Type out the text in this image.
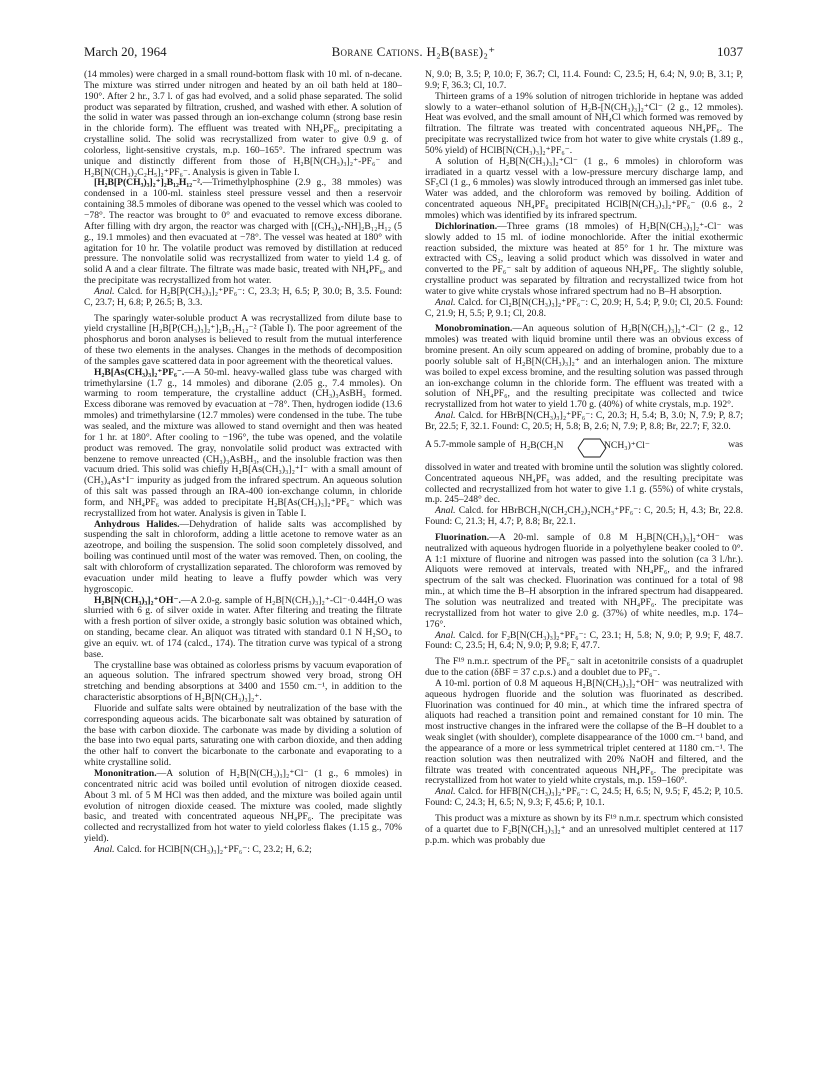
March 20, 1964	Borane Cations. H₂B(base)₂⁺	1037

(14 mmoles) were charged in a small round-bottom flask with 10 ml. of n-decane. The mixture was stirred under nitrogen and heated by an oil bath held at 180–190°. After 2 hr., 3.7 l. of gas had evolved, and a solid phase separated. The solid product was separated by filtration, crushed, and washed with ether. A solution of the solid in water was passed through an ion-exchange column (strong base resin in the chloride form). The effluent was treated with NH₄PF₆, precipitating a crystalline solid. The solid was recrystallized from water to give 0.9 g. of colorless, light-sensitive crystals, m.p. 160–165°. The infrared spectrum was unique and distinctly different from those of H₂B[N(CH₃)₃]₂⁺-PF₆⁻ and H₂B[N(CH₃)₂C₂H₅]₂⁺PF₆⁻. Analysis is given in Table I.

[H₂B[P(CH₃)₃]₂⁺]₂B₁₂H₁₂⁻².—Trimethylphosphine (2.9 g., 38 mmoles) was condensed in a 100-ml. stainless steel pressure vessel and then a reservoir containing 38.5 mmoles of diborane was opened to the vessel which was cooled to −78°. The reactor was brought to 0° and evacuated to remove excess diborane. After filling with dry argon, the reactor was charged with [(CH₃)₄-NH]₂B₁₂H₁₂ (5 g., 19.1 mmoles) and then evacuated at −78°. The vessel was heated at 180° with agitation for 10 hr. The volatile product was removed by distillation at reduced pressure. The nonvolatile solid was recrystallized from water to yield 1.4 g. of solid A and a clear filtrate. The filtrate was made basic, treated with NH₄PF₆, and the precipitate was recrystallized from hot water.

Anal. Calcd. for H₂B[P(CH₃)₃]₂⁺PF₆⁻: C, 23.3; H, 6.5; P, 30.0; B, 3.5. Found: C, 23.7; H, 6.8; P, 26.5; B, 3.3.

The sparingly water-soluble product A was recrystallized from dilute base to yield crystalline [H₂B[P(CH₃)₃]₂⁺]₂B₁₂H₁₂⁻² (Table I). The poor agreement of the phosphorus and boron analyses is believed to result from the mutual interference of these two elements in the analyses. Changes in the methods of decomposition of the samples gave scattered data in poor agreement with the theoretical values.

H₂B[As(CH₃)₃]₂⁺PF₆⁻.—A 50-ml. heavy-walled glass tube was charged with trimethylarsine (1.7 g., 14 mmoles) and diborane (2.05 g., 7.4 mmoles). On warming to room temperature, the crystalline adduct (CH₃)₃AsBH₃ formed. Excess diborane was removed by evacuation at −78°. Then, hydrogen iodide (13.6 mmoles) and trimethylarsine (12.7 mmoles) were condensed in the tube. The tube was sealed, and the mixture was allowed to stand overnight and then was heated for 1 hr. at 180°. After cooling to −196°, the tube was opened, and the volatile product was removed. The gray, nonvolatile solid product was extracted with benzene to remove unreacted (CH₃)₃AsBH₃, and the insoluble fraction was then vacuum dried. This solid was chiefly H₂B[As(CH₃)₃]₂⁺I⁻ with a small amount of (CH₃)₄As⁺I⁻ impurity as judged from the infrared spectrum. An aqueous solution of this salt was passed through an IRA-400 ion-exchange column, in chloride form, and NH₄PF₆ was added to precipitate H₂B[As(CH₃)₃]₂⁺PF₆⁻ which was recrystallized from hot water. Analysis is given in Table I.

Anhydrous Halides.—Dehydration of halide salts was accomplished by suspending the salt in chloroform, adding a little acetone to remove water as an azeotrope, and boiling the suspension. The solid soon completely dissolved, and boiling was continued until most of the water was removed. Then, on cooling, the salt with chloroform of crystallization separated. The chloroform was removed by evacuation under mild heating to leave a fluffy powder which was very hygroscopic.

H₂B[N(CH₃)₃]₂⁺OH⁻.—A 2.0-g. sample of H₂B[N(CH₃)₃]₂⁺-Cl⁻·0.44H₂O was slurried with 6 g. of silver oxide in water. After filtering and treating the filtrate with a fresh portion of silver oxide, a strongly basic solution was obtained which, on standing, became clear. An aliquot was titrated with standard 0.1 N H₂SO₄ to give an equiv. wt. of 174 (calcd., 174). The titration curve was typical of a strong base.

The crystalline base was obtained as colorless prisms by vacuum evaporation of an aqueous solution. The infrared spectrum showed very broad, strong OH stretching and bending absorptions at 3400 and 1550 cm.⁻¹, in addition to the characteristic absorptions of H₂B[N(CH₃)₃]₂⁺.

Fluoride and sulfate salts were obtained by neutralization of the base with the corresponding aqueous acids. The bicarbonate salt was obtained by saturation of the base with carbon dioxide. The carbonate was made by dividing a solution of the base into two equal parts, saturating one with carbon dioxide, and then adding the other half to convert the bicarbonate to the carbonate and evaporating to a white crystalline solid.

Mononitration.—A solution of H₂B[N(CH₃)₃]₂⁺Cl⁻ (1 g., 6 mmoles) in concentrated nitric acid was boiled until evolution of nitrogen dioxide ceased. About 3 ml. of 5 M HCl was then added, and the mixture was boiled again until evolution of nitrogen dioxide ceased. The mixture was cooled, made slightly basic, and treated with concentrated aqueous NH₄PF₆. The precipitate was collected and recrystallized from hot water to yield colorless flakes (1.15 g., 70% yield).

Anal. Calcd. for HClB[N(CH₃)₃]₂⁺PF₆⁻: C, 23.2; H, 6.2;

N, 9.0; B, 3.5; P, 10.0; F, 36.7; Cl, 11.4. Found: C, 23.5; H, 6.4; N, 9.0; B, 3.1; P, 9.9; F, 36.3; Cl, 10.7.

Thirteen grams of a 19% solution of nitrogen trichloride in heptane was added slowly to a water–ethanol solution of H₂B-[N(CH₃)₃]₂⁺Cl⁻ (2 g., 12 mmoles). Heat was evolved, and the small amount of NH₄Cl which formed was removed by filtration. The filtrate was treated with concentrated aqueous NH₄PF₆. The precipitate was recrystallized twice from hot water to give white crystals (1.89 g., 50% yield) of HClB[N(CH₃)₃]₂⁺PF₆⁻.

A solution of H₂B[N(CH₃)₃]₂⁺Cl⁻ (1 g., 6 mmoles) in chloroform was irradiated in a quartz vessel with a low-pressure mercury discharge lamp, and SF₅Cl (1 g., 6 mmoles) was slowly introduced through an immersed gas inlet tube. Water was added, and the chloroform was removed by boiling. Addition of concentrated aqueous NH₄PF₆ precipitated HClB[N(CH₃)₃]₂⁺PF₆⁻ (0.6 g., 2 mmoles) which was identified by its infrared spectrum.

Dichlorination.—Three grams (18 mmoles) of H₂B[N(CH₃)₃]₂⁺-Cl⁻ was slowly added to 15 ml. of iodine monochloride. After the initial exothermic reaction subsided, the mixture was heated at 85° for 1 hr. The mixture was extracted with CS₂, leaving a solid product which was dissolved in water and converted to the PF₆⁻ salt by addition of aqueous NH₄PF₆. The slightly soluble, crystalline product was separated by filtration and recrystallized twice from hot water to give white crystals whose infrared spectrum had no B–H absorption.

Anal. Calcd. for Cl₂B[N(CH₃)₃]₂⁺PF₆⁻: C, 20.9; H, 5.4; P, 9.0; Cl, 20.5. Found: C, 21.9; H, 5.5; P, 9.1; Cl, 20.8.

Monobromination.—An aqueous solution of H₂B[N(CH₃)₃]₂⁺-Cl⁻ (2 g., 12 mmoles) was treated with liquid bromine until there was an obvious excess of bromine present. An oily scum appeared on adding of bromine, probably due to a poorly soluble salt of H₂B[N(CH₃)₃]₂⁺ and an interhalogen anion. The mixture was boiled to expel excess bromine, and the resulting solution was passed through an ion-exchange column in the chloride form. The effluent was treated with a solution of NH₄PF₆, and the resulting precipitate was collected and twice recrystallized from hot water to yield 1.70 g. (40%) of white crystals, m.p. 192°.

Anal. Calcd. for HBrB[N(CH₃)₃]₂⁺PF₆⁻: C, 20.3; H, 5.4; B, 3.0; N, 7.9; P, 8.7; Br, 22.5; F, 32.1. Found: C, 20.5; H, 5.8; B, 2.6; N, 7.9; P, 8.8; Br, 22.7; F, 32.0.

A 5.7-mmole sample of H₂B(CH₃N	NCH₃)⁺Cl⁻	was

dissolved in water and treated with bromine until the solution was slightly colored. Concentrated aqueous NH₄PF₆ was added, and the resulting precipitate was collected and recrystallized from hot water to give 1.1 g. (55%) of white crystals, m.p. 245–248° dec.

Anal. Calcd. for HBrBCH₃N(CH₂CH₂)₂NCH₃⁺PF₆⁻: C, 20.5; H, 4.3; Br, 22.8. Found: C, 21.3; H, 4.7; P, 8.8; Br, 22.1.

Fluorination.—A 20-ml. sample of 0.8 M H₂B[N(CH₃)₃]₂⁺OH⁻ was neutralized with aqueous hydrogen fluoride in a polyethylene beaker cooled to 0°. A 1:1 mixture of fluorine and nitrogen was passed into the solution (ca 3 l./hr.). Aliquots were removed at intervals, treated with NH₄PF₆, and the infrared spectrum of the salt was checked. Fluorination was continued for a total of 98 min., at which time the B–H absorption in the infrared spectrum had disappeared. The solution was neutralized and treated with NH₄PF₆. The precipitate was recrystallized from hot water to give 2.0 g. (37%) of white needles, m.p. 174–176°.

Anal. Calcd. for F₂B[N(CH₃)₃]₂⁺PF₆⁻: C, 23.1; H, 5.8; N, 9.0; P, 9.9; F, 48.7. Found: C, 23.5; H, 6.4; N, 9.0; P, 9.8; F, 47.7.

The F¹⁹ n.m.r. spectrum of the PF₆⁻ salt in acetonitrile consists of a quadruplet due to the cation (δBF = 37 c.p.s.) and a doublet due to PF₆⁻.

A 10-ml. portion of 0.8 M aqueous H₂B[N(CH₃)₃]₂⁺OH⁻ was neutralized with aqueous hydrogen fluoride and the solution was fluorinated as described. Fluorination was continued for 40 min., at which time the infrared spectra of aliquots had reached a transition point and remained constant for 10 min. The most instructive changes in the infrared were the collapse of the B–H doublet to a weak singlet (with shoulder), complete disappearance of the 1000 cm.⁻¹ band, and the appearance of a more or less symmetrical triplet centered at 1180 cm.⁻¹. The reaction solution was then neutralized with 20% NaOH and filtered, and the filtrate was treated with concentrated aqueous NH₄PF₆. The precipitate was recrystallized from hot water to yield white crystals, m.p. 159–160°.

Anal. Calcd. for HFB[N(CH₃)₃]₂⁺PF₆⁻: C, 24.5; H, 6.5; N, 9.5; F, 45.2; P, 10.5. Found: C, 24.3; H, 6.5; N, 9.3; F, 45.6; P, 10.1.

This product was a mixture as shown by its F¹⁹ n.m.r. spectrum which consisted of a quartet due to F₂B[N(CH₃)₃]₂⁺ and an unresolved multiplet centered at 117 p.p.m. which was probably due
